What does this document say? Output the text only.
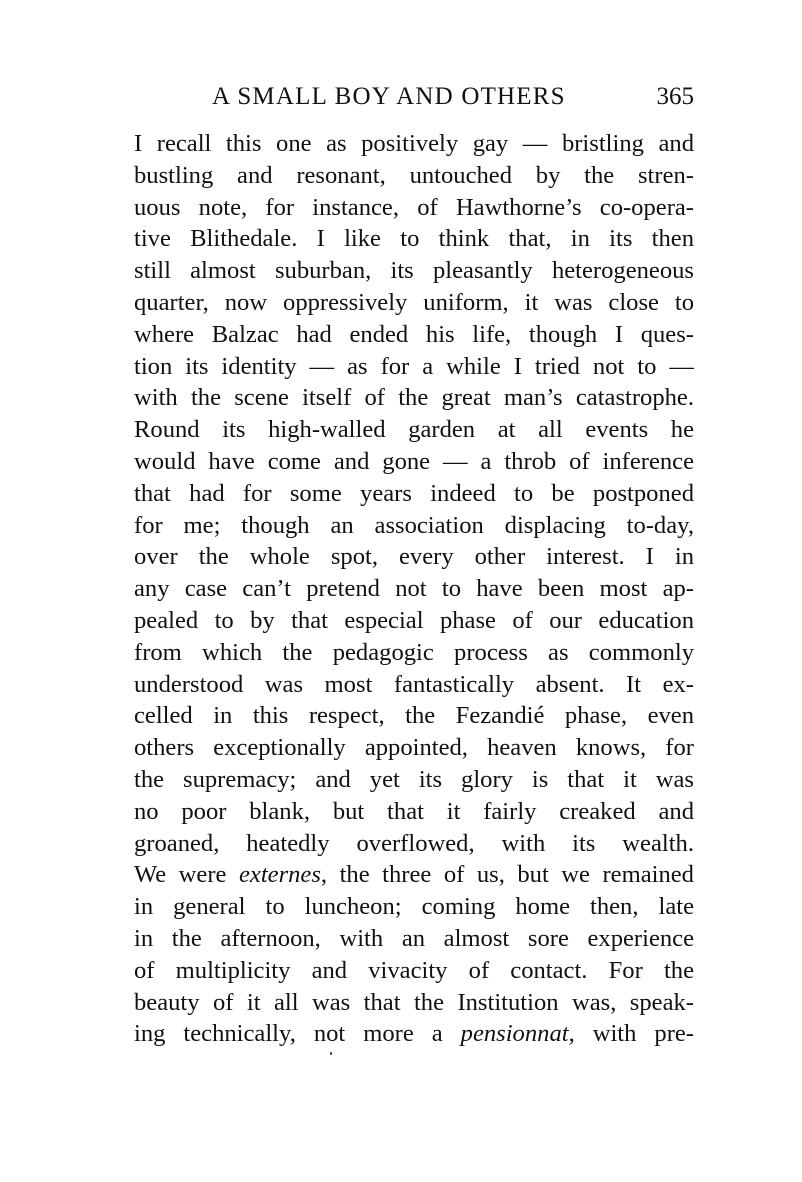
A SMALL BOY AND OTHERS	365
I recall this one as positively gay — bristling and
bustling and resonant, untouched by the stren-
uous note, for instance, of Hawthorne’s co-opera-
tive Blithedale. I like to think that, in its then
still almost suburban, its pleasantly heterogeneous
quarter, now oppressively uniform, it was close to
where Balzac had ended his life, though I ques-
tion its identity — as for a while I tried not to —
with the scene itself of the great man’s catastrophe.
Round its high-walled garden at all events he
would have come and gone — a throb of inference
that had for some years indeed to be postponed
for me; though an association displacing to-day,
over the whole spot, every other interest. I in
any case can’t pretend not to have been most ap-
pealed to by that especial phase of our education
from which the pedagogic process as commonly
understood was most fantastically absent. It ex-
celled in this respect, the Fezandié phase, even
others exceptionally appointed, heaven knows, for
the supremacy; and yet its glory is that it was
no poor blank, but that it fairly creaked and
groaned, heatedly overflowed, with its wealth.
We were externes, the three of us, but we remained
in general to luncheon; coming home then, late
in the afternoon, with an almost sore experience
of multiplicity and vivacity of contact. For the
beauty of it all was that the Institution was, speak-
ing technically, not more a pensionnat, with pre-
